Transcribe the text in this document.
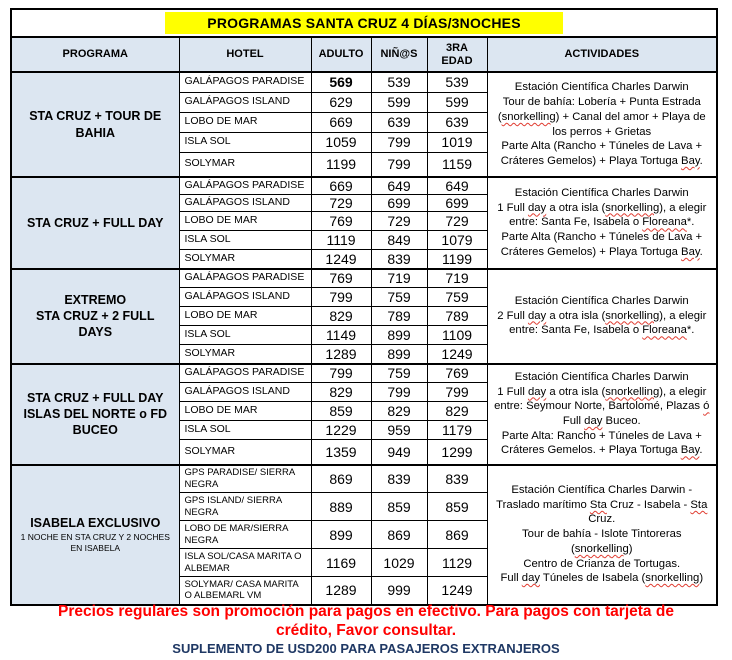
PROGRAMAS SANTA CRUZ 4 DÍAS/3NOCHES					
PROGRAMA	HOTEL	ADULTO	NIÑ@S	3RA EDAD	ACTIVIDADES

STA CRUZ + TOUR DE BAHIA	GALÁPAGOS PARADISE	569	539	539	Estación Científica Charles Darwin
Tour de bahía: Lobería + Punta Estrada (snorkelling) + Canal del amor + Playa de los perros + Grietas
Parte Alta (Rancho + Túneles de Lava + Cráteres Gemelos) + Playa Tortuga Bay.

	GALÁPAGOS ISLAND	629	599	599	
	LOBO DE MAR	669	639	639	
	ISLA SOL	1059	799	1019	
	SOLYMAR	1199	799	1159	

STA CRUZ + FULL DAY	GALÁPAGOS PARADISE	669	649	649	Estación Científica Charles Darwin
1 Full day a otra isla (snorkelling), a elegir entre: Santa Fe, Isabela o Floreana*.
Parte Alta (Rancho + Túneles de Lava + Cráteres Gemelos) + Playa Tortuga Bay.

	GALÁPAGOS ISLAND	729	699	699	
	LOBO DE MAR	769	729	729	
	ISLA SOL	1119	849	1079	
	SOLYMAR	1249	839	1199	

EXTREMO
STA CRUZ + 2 FULL DAYS
	GALÁPAGOS PARADISE	769	719	719	
Estación Científica Charles Darwin
2 Full day a otra isla (snorkelling), a elegir entre: Santa Fe, Isabela o Floreana*.

	GALÁPAGOS ISLAND	799	759	759	
	LOBO DE MAR	829	789	789	
	ISLA SOL	1149	899	1109	
	SOLYMAR	1289	899	1249	

STA CRUZ + FULL DAY ISLAS DEL NORTE o FD BUCEO	GALÁPAGOS PARADISE	799	759	769	Estación Científica Charles Darwin
1 Full day a otra isla (snorkelling), a elegir entre: Seymour Norte, Bartolomé, Plazas ó Full day Buceo.
Parte Alta: Rancho + Túneles de Lava + Cráteres Gemelos. + Playa Tortuga Bay.

	GALÁPAGOS ISLAND	829	799	799	
	LOBO DE MAR	859	829	829	
	ISLA SOL	1229	959	1179	
	SOLYMAR	1359	949	1299	

ISABELA EXCLUSIVO
1 NOCHE EN STA CRUZ Y 2 NOCHES EN ISABELA
	GPS PARADISE/ SIERRA NEGRA	869	839	839	
Estación Científica Charles Darwin - Traslado marítimo Sta Cruz - Isabela - Sta Cruz.
Tour de bahía - Islote Tintoreras (snorkelling)
Centro de Crianza de Tortugas.
Full day Túneles de Isabela (snorkelling)

	GPS ISLAND/ SIERRA NEGRA	889	859	859	
	LOBO DE MAR/SIERRA NEGRA	899	869	869	
	ISLA SOL/CASA MARITA O ALBEMAR	1169	1029	1129	
	SOLYMAR/ CASA MARITA O ALBEMARL VM	1289	999	1249	
Precios regulares son promoción para pagos en efectivo. Para pagos con tarjeta de crédito, Favor consultar.
SUPLEMENTO DE USD200 PARA PASAJEROS EXTRANJEROS
